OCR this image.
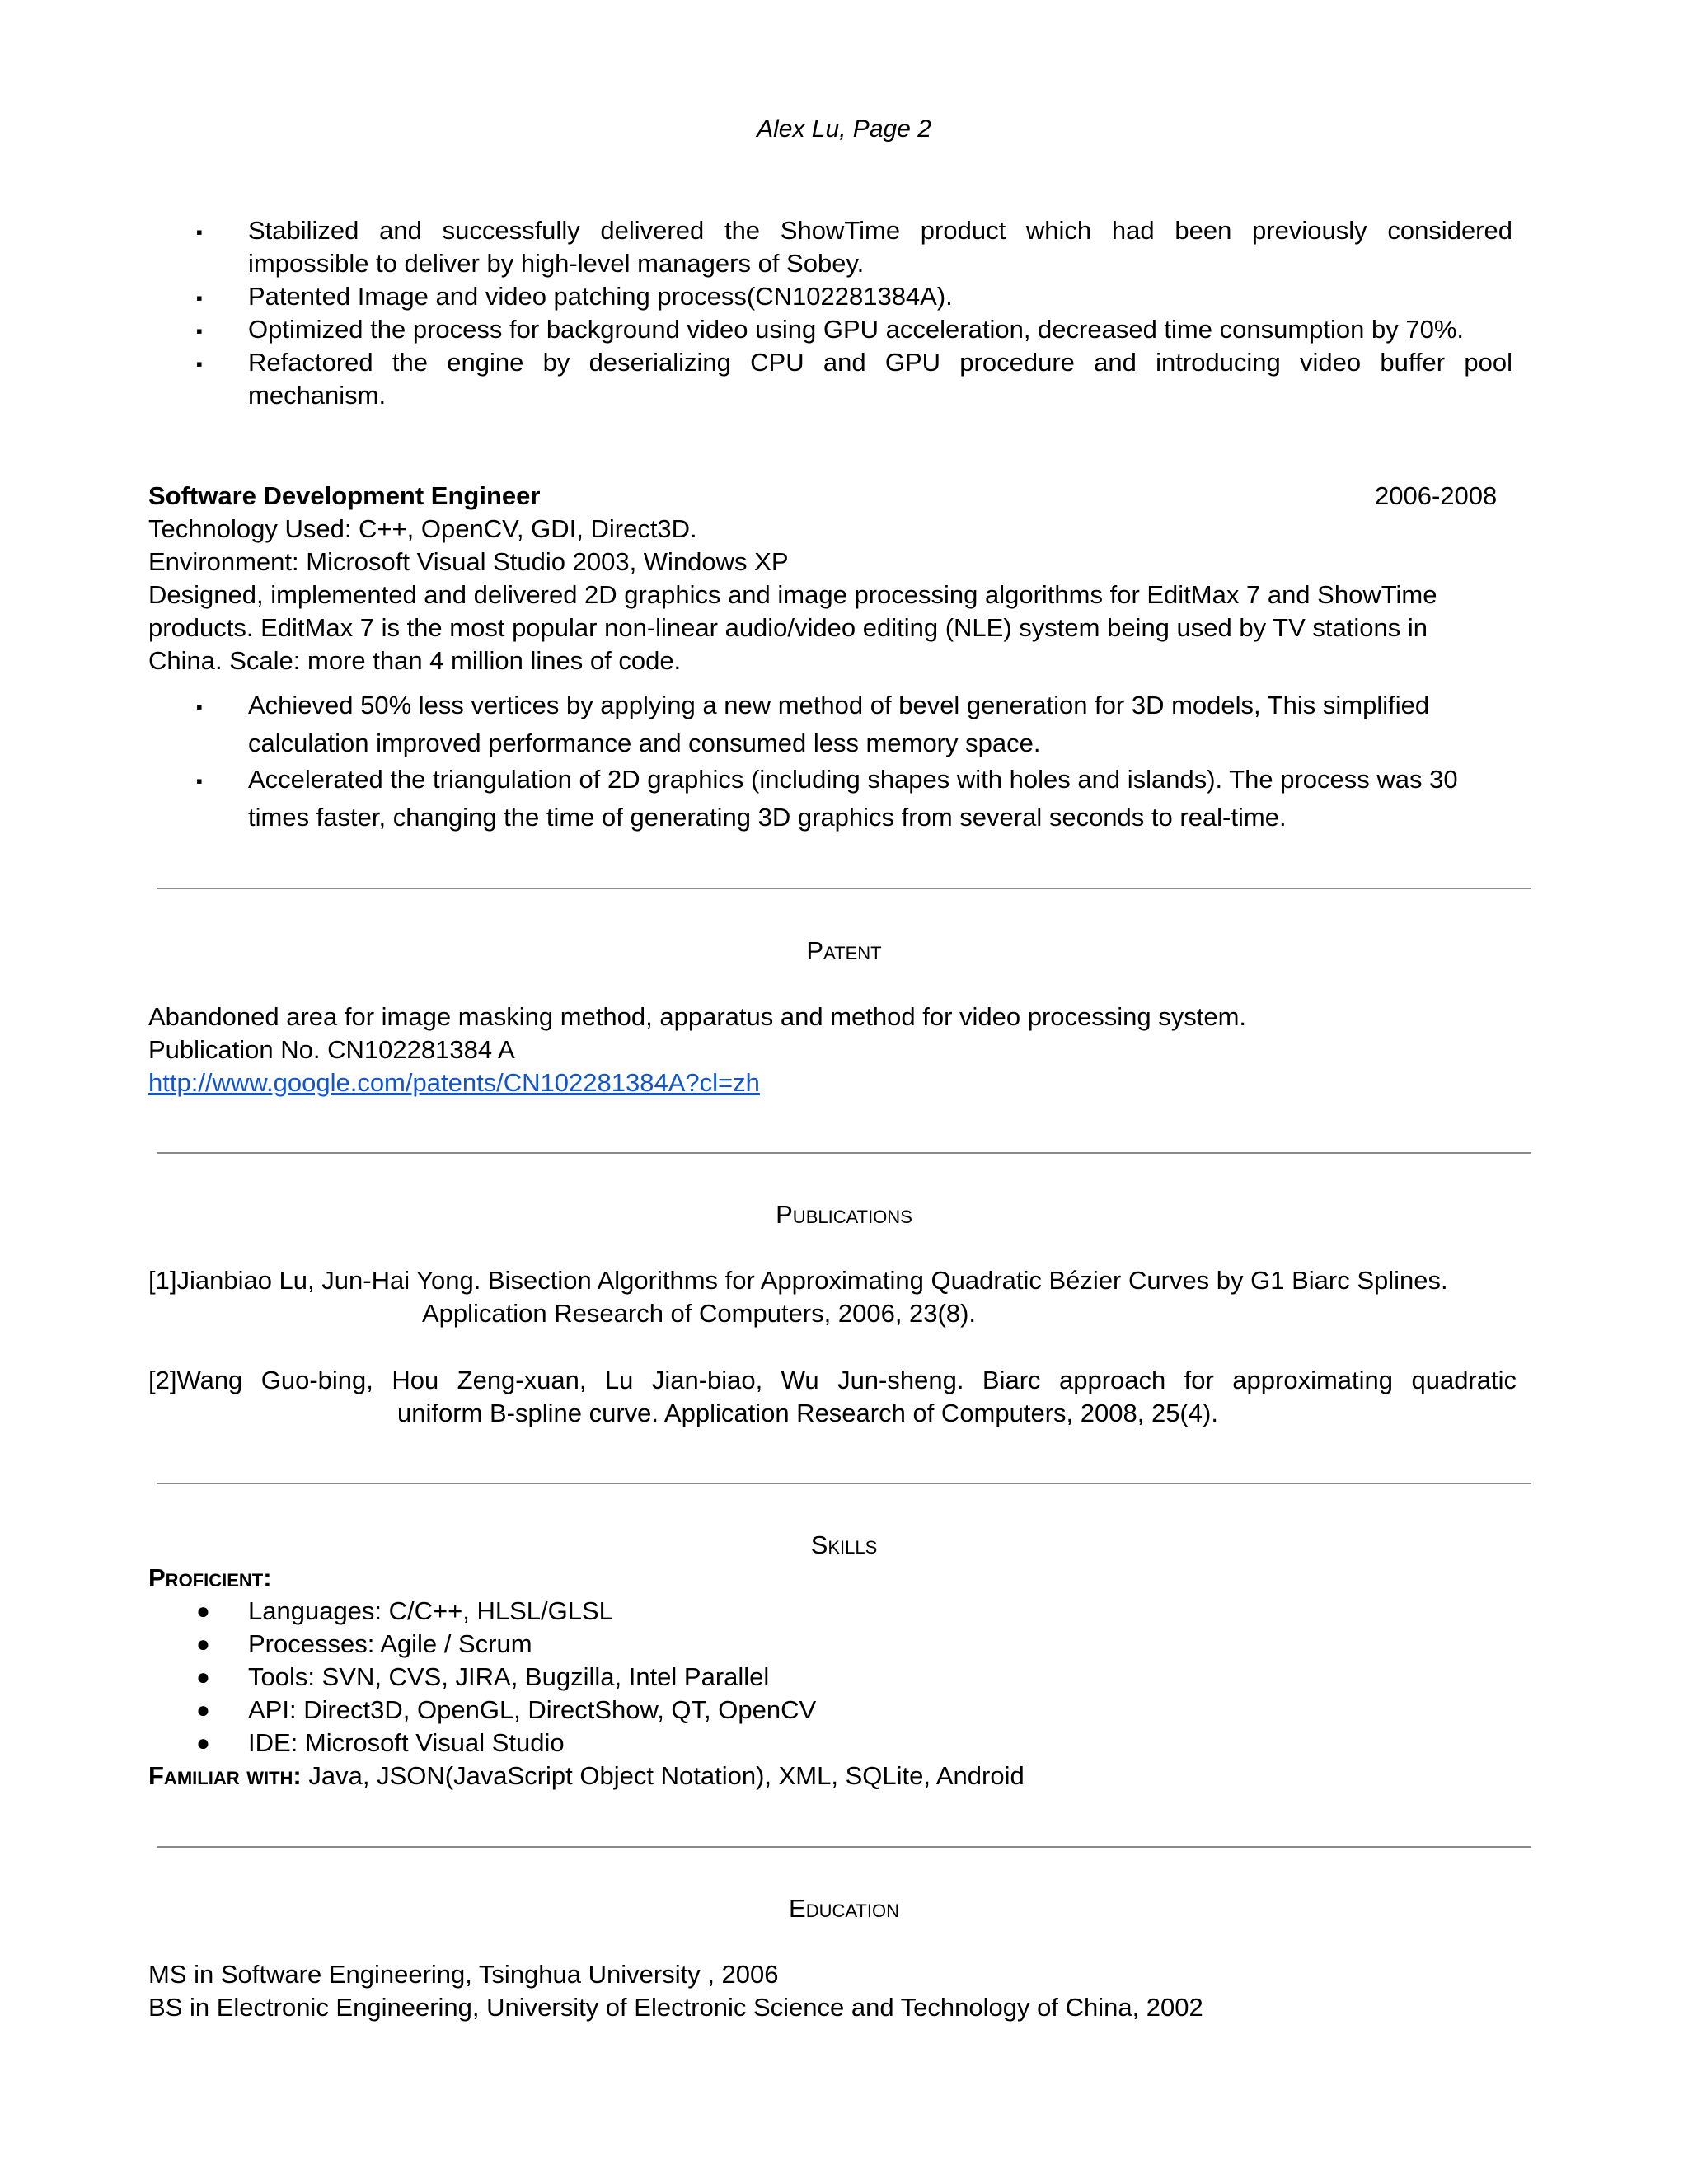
Alex Lu, Page 2
▪ Stabilized and successfully delivered the ShowTime product which had been previously considered
impossible to deliver by high-level managers of Sobey.
▪ Patented Image and video patching process(CN102281384A).
▪ Optimized the process for background video using GPU acceleration, decreased time consumption by 70%.
▪ Refactored the engine by deserializing CPU and GPU procedure and introducing video buffer pool
mechanism.
Software Development Engineer	2006-2008
Technology Used: C++, OpenCV, GDI, Direct3D.
Environment: Microsoft Visual Studio 2003, Windows XP
Designed, implemented and delivered 2D graphics and image processing algorithms for EditMax 7 and ShowTime
products. EditMax 7 is the most popular non-linear audio/video editing (NLE) system being used by TV stations in
China. Scale: more than 4 million lines of code.
▪ Achieved 50% less vertices by applying a new method of bevel generation for 3D models, This simplified
calculation improved performance and consumed less memory space.
▪ Accelerated the triangulation of 2D graphics (including shapes with holes and islands). The process was 30
times faster, changing the time of generating 3D graphics from several seconds to real-time.
Patent
Abandoned area for image masking method, apparatus and method for video processing system.
Publication No. CN102281384 A
http://www.google.com/patents/CN102281384A?cl=zh
Publications
[1]Jianbiao Lu, Jun-Hai Yong. Bisection Algorithms for Approximating Quadratic Bézier Curves by G1 Biarc Splines.
Application Research of Computers, 2006, 23(8).
[2]Wang Guo-bing, Hou Zeng-xuan, Lu Jian-biao, Wu Jun-sheng. Biarc approach for approximating quadratic
uniform B-spline curve. Application Research of Computers, 2008, 25(4).
Skills
Proficient:
● Languages: C/C++, HLSL/GLSL
● Processes: Agile / Scrum
● Tools: SVN, CVS, JIRA, Bugzilla, Intel Parallel
● API: Direct3D, OpenGL, DirectShow, QT, OpenCV
● IDE: Microsoft Visual Studio
Familiar with: Java, JSON(JavaScript Object Notation), XML, SQLite, Android
Education
MS in Software Engineering, Tsinghua University , 2006
BS in Electronic Engineering, University of Electronic Science and Technology of China, 2002
